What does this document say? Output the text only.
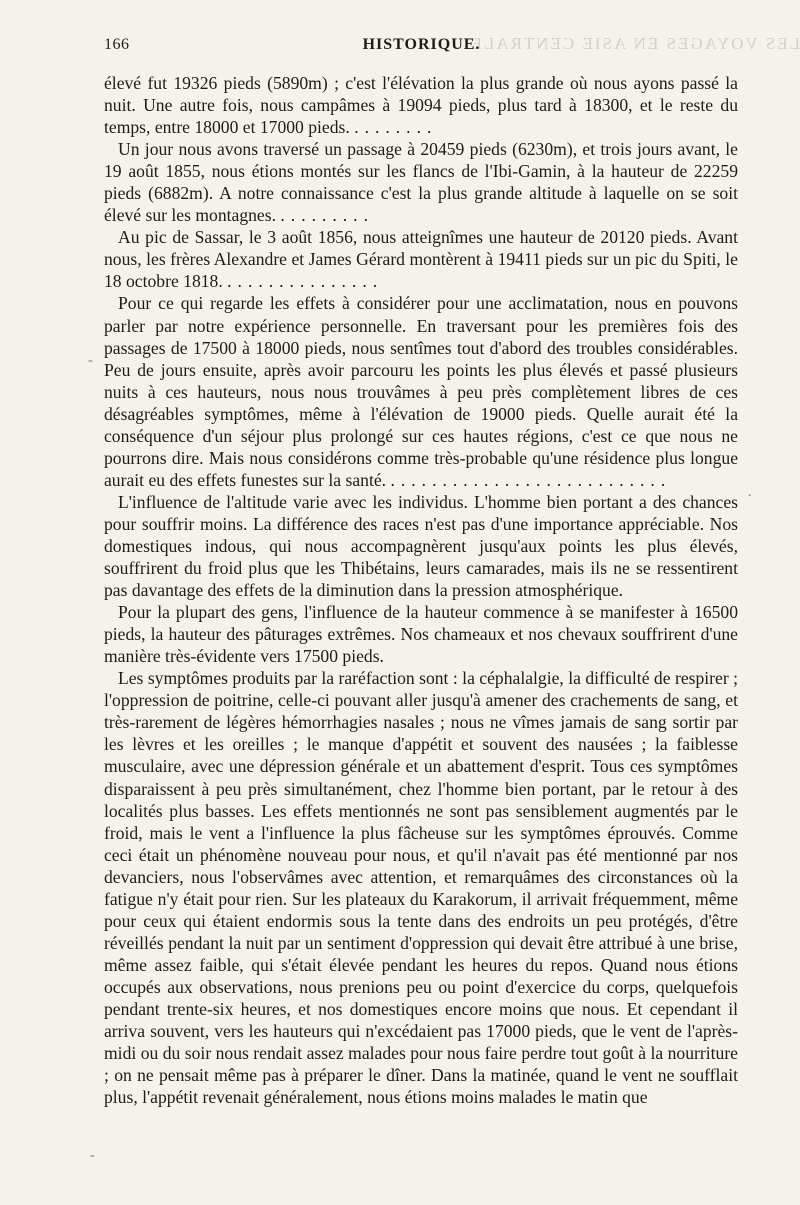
LES VOYAGES EN ASIE CENTRALE.
166	HISTORIQUE.

élevé fut 19326 pieds (5890m) ; c'est l'élévation la plus grande où nous ayons passé la nuit. Une autre fois, nous campâmes à 19094 pieds, plus tard à 18300, et le reste du temps, entre 18000 et 17000 pieds. ........

Un jour nous avons traversé un passage à 20459 pieds (6230m), et trois jours avant, le 19 août 1855, nous étions montés sur les flancs de l'Ibi-Gamin, à la hauteur de 22259 pieds (6882m). A notre connaissance c'est la plus grande altitude à laquelle on se soit élevé sur les montagnes. .........

Au pic de Sassar, le 3 août 1856, nous atteignîmes une hauteur de 20120 pieds. Avant nous, les frères Alexandre et James Gérard montèrent à 19411 pieds sur un pic du Spiti, le 18 octobre 1818. ...............

Pour ce qui regarde les effets à considérer pour une acclimatation, nous en pouvons parler par notre expérience personnelle. En traversant pour les premières fois des passages de 17500 à 18000 pieds, nous sentîmes tout d'abord des troubles considérables. Peu de jours ensuite, après avoir parcouru les points les plus élevés et passé plusieurs nuits à ces hauteurs, nous nous trouvâmes à peu près complètement libres de ces désagréables symptômes, même à l'élévation de 19000 pieds. Quelle aurait été la conséquence d'un séjour plus prolongé sur ces hautes régions, c'est ce que nous ne pourrons dire. Mais nous considérons comme très-probable qu'une résidence plus longue aurait eu des effets funestes sur la santé. ...........................

L'influence de l'altitude varie avec les individus. L'homme bien portant a des chances pour souffrir moins. La différence des races n'est pas d'une importance appréciable. Nos domestiques indous, qui nous accompagnèrent jusqu'aux points les plus élevés, souffrirent du froid plus que les Thibétains, leurs camarades, mais ils ne se ressentirent pas davantage des effets de la diminution dans la pression atmosphérique.

Pour la plupart des gens, l'influence de la hauteur commence à se manifester à 16500 pieds, la hauteur des pâturages extrêmes. Nos chameaux et nos chevaux souffrirent d'une manière très-évidente vers 17500 pieds.

Les symptômes produits par la raréfaction sont : la céphalalgie, la difficulté de respirer ; l'oppression de poitrine, celle-ci pouvant aller jusqu'à amener des crachements de sang, et très-rarement de légères hémorrhagies nasales ; nous ne vîmes jamais de sang sortir par les lèvres et les oreilles ; le manque d'appétit et souvent des nausées ; la faiblesse musculaire, avec une dépression générale et un abattement d'esprit. Tous ces symptômes disparaissent à peu près simultanément, chez l'homme bien portant, par le retour à des localités plus basses. Les effets mentionnés ne sont pas sensiblement augmentés par le froid, mais le vent a l'influence la plus fâcheuse sur les symptômes éprouvés. Comme ceci était un phénomène nouveau pour nous, et qu'il n'avait pas été mentionné par nos devanciers, nous l'observâmes avec attention, et remarquâmes des circonstances où la fatigue n'y était pour rien. Sur les plateaux du Karakorum, il arrivait fréquemment, même pour ceux qui étaient endormis sous la tente dans des endroits un peu protégés, d'être réveillés pendant la nuit par un sentiment d'oppression qui devait être attribué à une brise, même assez faible, qui s'était élevée pendant les heures du repos. Quand nous étions occupés aux observations, nous prenions peu ou point d'exercice du corps, quelquefois pendant trente-six heures, et nos domestiques encore moins que nous. Et cependant il arriva souvent, vers les hauteurs qui n'excédaient pas 17000 pieds, que le vent de l'après-midi ou du soir nous rendait assez malades pour nous faire perdre tout goût à la nourriture ; on ne pensait même pas à préparer le dîner. Dans la matinée, quand le vent ne soufflait plus, l'appétit revenait généralement, nous étions moins malades le matin que

-
.
-
